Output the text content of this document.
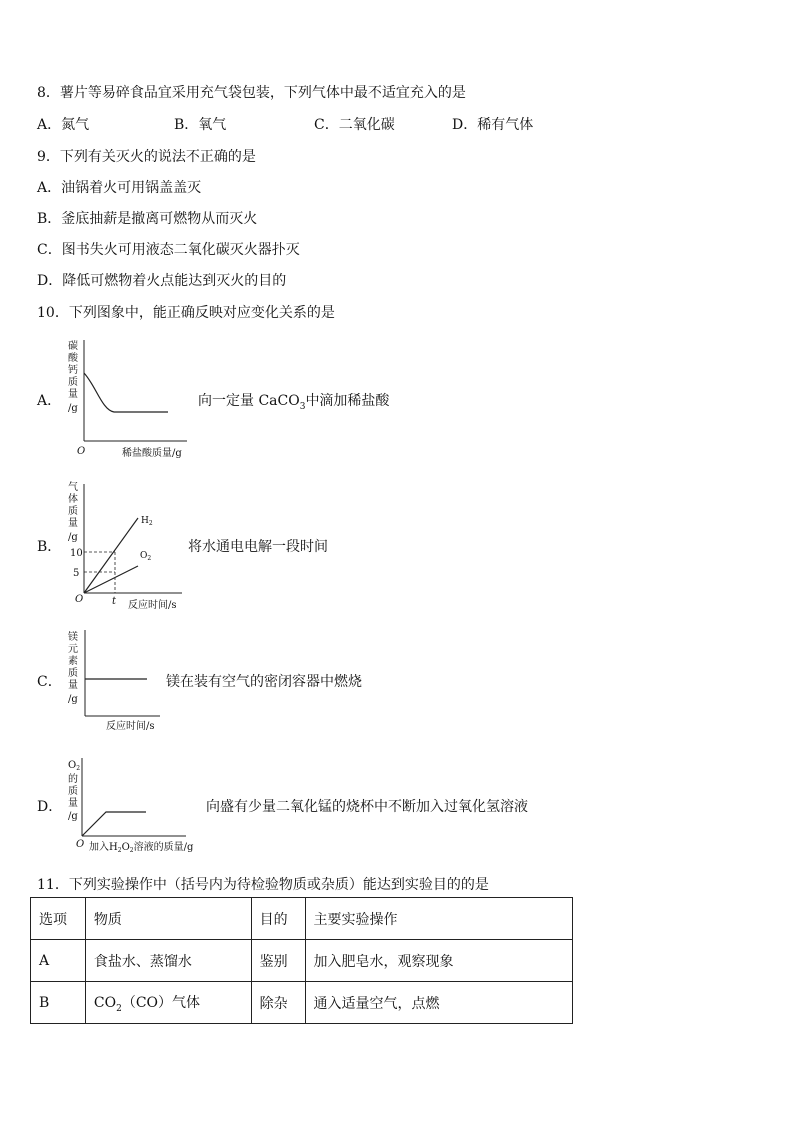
8．薯片等易碎食品宜采用充气袋包装，下列气体中最不适宜充入的是
A．氮气	B．氧气	C．二氧化碳	D．稀有气体
9．下列有关灭火的说法不正确的是
A．油锅着火可用锅盖盖灭
B．釜底抽薪是撤离可燃物从而灭火
C．图书失火可用液态二氧化碳灭火器扑灭
D．降低可燃物着火点能达到灭火的目的
10．下列图象中，能正确反映对应变化关系的是
A．
碳
酸
钙
质
量
/g
O	稀盐酸质量/g
向一定量 CaCO$_3$中滴加稀盐酸
B．
气
体
质
量
/g
10
5
t
O
反应时间/s
$H_2$
$O_2$
将水通电电解一段时间
C．
镁
元
素
质
量
/g
反应时间/s
镁在装有空气的密闭容器中燃烧
D．
$O_2$
的
质
量
/g
O 加入$H_2O_2$溶液的质量/g
向盛有少量二氧化锰的烧杯中不断加入过氧化氢溶液
11．下列实验操作中（括号内为待检验物质或杂质）能达到实验目的的是
选项	物质	目的	主要实验操作
A	食盐水、蒸馏水	鉴别	加入肥皂水，观察现象
B	$CO_2(CO)$气体	除杂	通入适量空气，点燃
